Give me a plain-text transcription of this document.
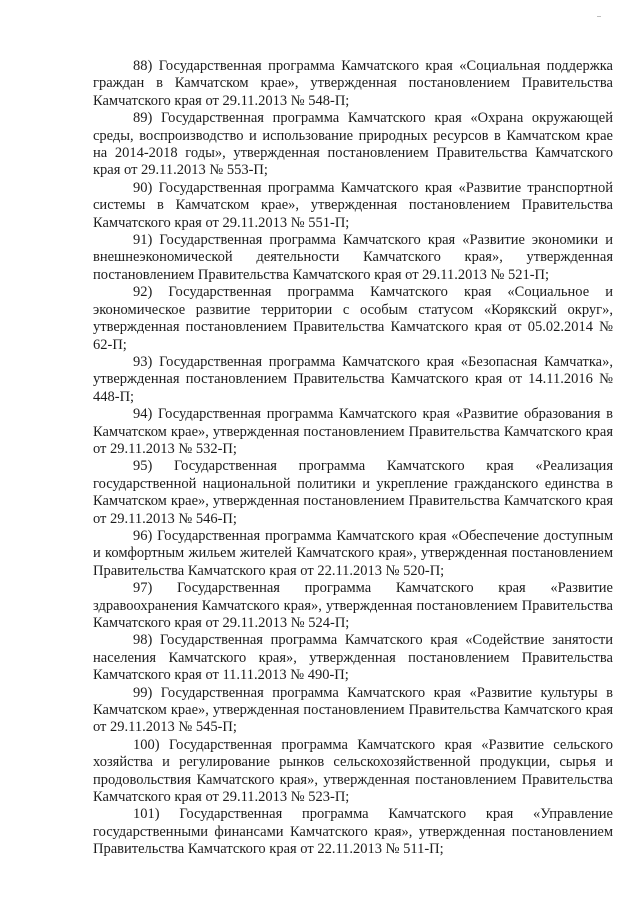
88) Государственная программа Камчатского края «Социальная поддержка граждан в Камчатском крае», утвержденная постановлением Правительства Камчатского края от 29.11.2013 № 548-П;

89) Государственная программа Камчатского края «Охрана окружающей среды, воспроизводство и использование природных ресурсов в Камчатском крае на 2014-2018 годы», утвержденная постановлением Правительства Камчатского края от 29.11.2013 № 553-П;

90) Государственная программа Камчатского края «Развитие транспортной системы в Камчатском крае», утвержденная постановлением Правительства Камчатского края от 29.11.2013 № 551-П;

91) Государственная программа Камчатского края «Развитие экономики и внешнеэкономической деятельности Камчатского края», утвержденная постановлением Правительства Камчатского края от 29.11.2013 № 521-П;

92) Государственная программа Камчатского края «Социальное и экономическое развитие территории с особым статусом «Корякский округ», утвержденная постановлением Правительства Камчатского края от 05.02.2014 № 62-П;

93) Государственная программа Камчатского края «Безопасная Камчатка», утвержденная постановлением Правительства Камчатского края от 14.11.2016 № 448-П;

94) Государственная программа Камчатского края «Развитие образования в Камчатском крае», утвержденная постановлением Правительства Камчатского края от 29.11.2013 № 532-П;

95) Государственная программа Камчатского края «Реализация государственной национальной политики и укрепление гражданского единства в Камчатском крае», утвержденная постановлением Правительства Камчатского края от 29.11.2013 № 546-П;

96) Государственная программа Камчатского края «Обеспечение доступным и комфортным жильем жителей Камчатского края», утвержденная постановлением Правительства Камчатского края от 22.11.2013 № 520-П;

97) Государственная программа Камчатского края «Развитие здравоохранения Камчатского края», утвержденная постановлением Правительства Камчатского края от 29.11.2013 № 524-П;

98) Государственная программа Камчатского края «Содействие занятости населения Камчатского края», утвержденная постановлением Правительства Камчатского края от 11.11.2013 № 490-П;

99) Государственная программа Камчатского края «Развитие культуры в Камчатском крае», утвержденная постановлением Правительства Камчатского края от 29.11.2013 № 545-П;

100) Государственная программа Камчатского края «Развитие сельского хозяйства и регулирование рынков сельскохозяйственной продукции, сырья и продовольствия Камчатского края», утвержденная постановлением Правительства Камчатского края от 29.11.2013 № 523-П;

101) Государственная программа Камчатского края «Управление государственными финансами Камчатского края», утвержденная постановлением Правительства Камчатского края от 22.11.2013 № 511-П;
